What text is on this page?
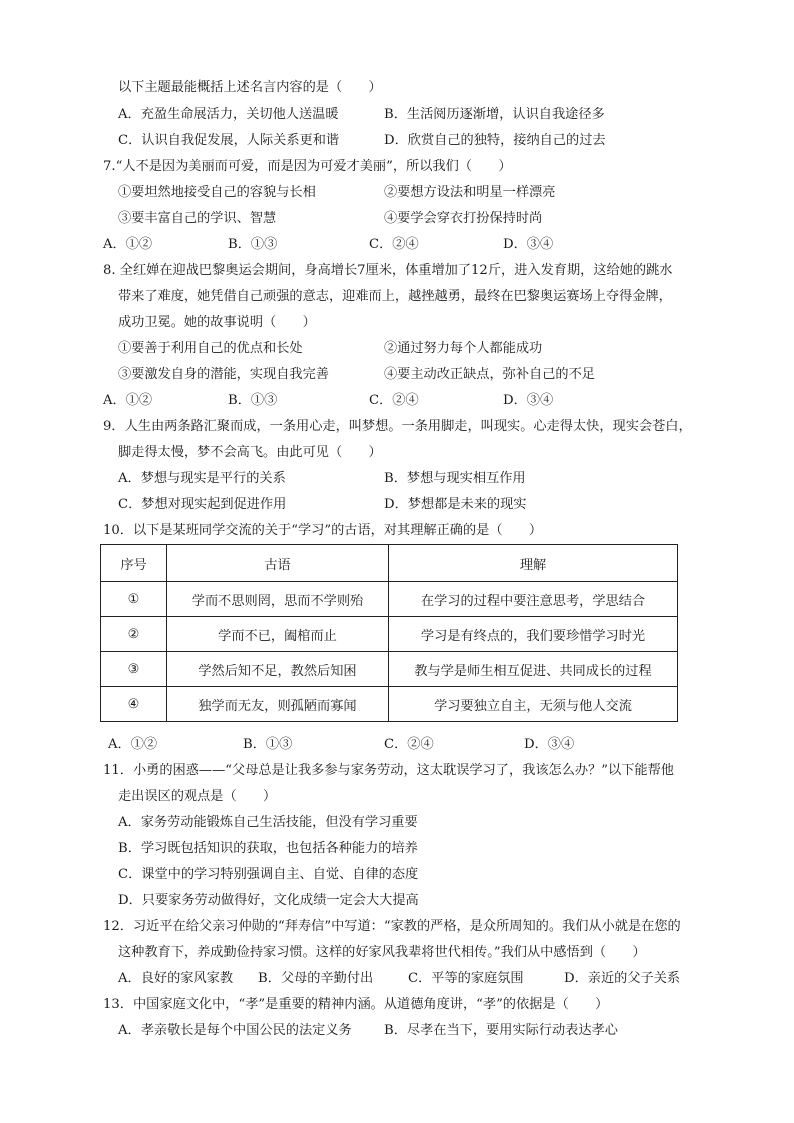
以下主题最能概括上述名言内容的是（　　）
A．充盈生命展活力，关切他人送温暖	B．生活阅历逐渐增，认识自我途径多
C．认识自我促发展，人际关系更和谐	D．欣赏自己的独特，接纳自己的过去
7.“人不是因为美丽而可爱，而是因为可爱才美丽”，所以我们（　　）
①要坦然地接受自己的容貌与长相	②要想方设法和明星一样漂亮
③要丰富自己的学识、智慧	④要学会穿衣打扮保持时尚
A．①②	B．①③	C．②④	D．③④
8. 全红婵在迎战巴黎奥运会期间，身高增长7厘米，体重增加了12斤，进入发育期，这给她的跳水
带来了难度，她凭借自己顽强的意志，迎难而上，越挫越勇，最终在巴黎奥运赛场上夺得金牌，
成功卫冕。她的故事说明（　　）
①要善于利用自己的优点和长处	②通过努力每个人都能成功
③要激发自身的潜能，实现自我完善	④要主动改正缺点，弥补自己的不足
A．①②	B．①③	C．②④	D．③④
9．人生由两条路汇聚而成，一条用心走，叫梦想。一条用脚走，叫现实。心走得太快，现实会苍白，
脚走得太慢，梦不会高飞。由此可见（　　）
A．梦想与现实是平行的关系	B．梦想与现实相互作用
C．梦想对现实起到促进作用	D．梦想都是未来的现实
10．以下是某班同学交流的关于“学习”的古语，对其理解正确的是（　　）
序号	古语	理解
①	学而不思则罔，思而不学则殆	在学习的过程中要注意思考，学思结合
②	学而不已，阖棺而止	学习是有终点的，我们要珍惜学习时光
③	学然后知不足，教然后知困	教与学是师生相互促进、共同成长的过程
④	独学而无友，则孤陋而寡闻	学习要独立自主，无须与他人交流
A．①②	B．①③	C．②④	D．③④
11．小勇的困惑——“父母总是让我多参与家务劳动，这太耽误学习了，我该怎么办？”以下能帮他
走出误区的观点是（　　）
A．家务劳动能锻炼自己生活技能，但没有学习重要
B．学习既包括知识的获取，也包括各种能力的培养
C．课堂中的学习特别强调自主、自觉、自律的态度
D．只要家务劳动做得好，文化成绩一定会大大提高
12．习近平在给父亲习仲勋的“拜寿信”中写道：“家教的严格，是众所周知的。我们从小就是在您的
这种教育下，养成勤俭持家习惯。这样的好家风我辈将世代相传。”我们从中感悟到（　　）
A．良好的家风家教 B．父母的辛勤付出	C．平等的家庭氛围	D．亲近的父子关系
13．中国家庭文化中，“孝”是重要的精神内涵。从道德角度讲，“孝”的依据是（　　）
A．孝亲敬长是每个中国公民的法定义务 B．尽孝在当下，要用实际行动表达孝心
